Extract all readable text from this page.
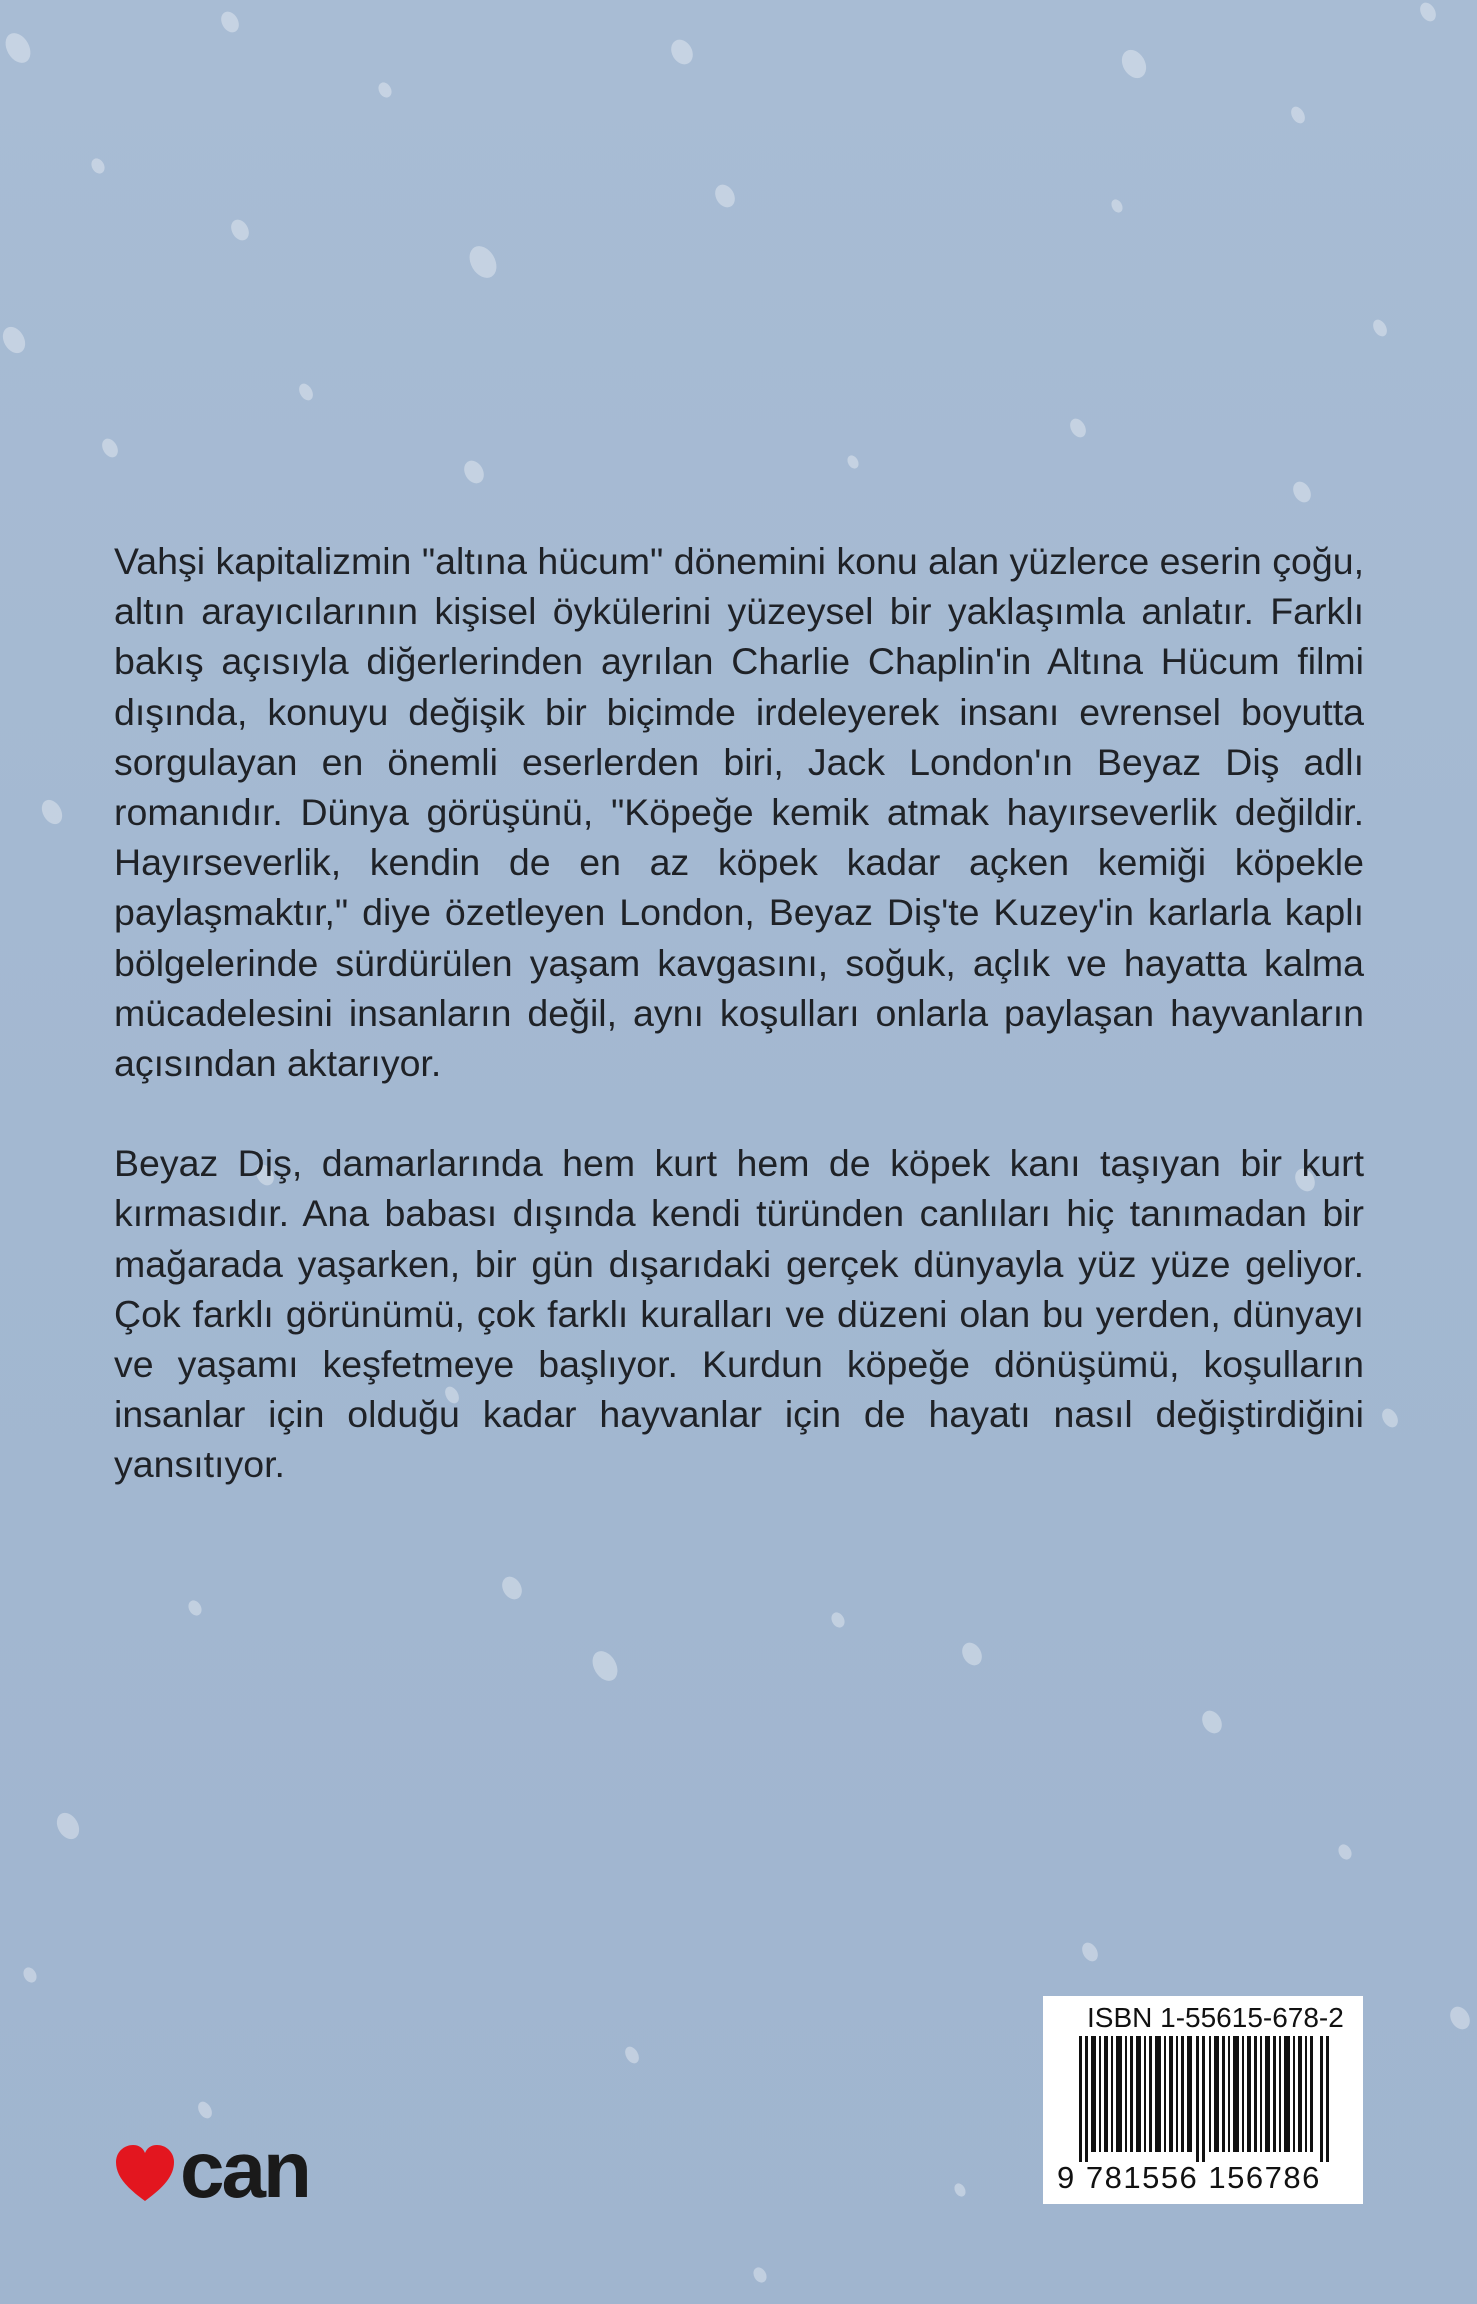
Vahşi kapitalizmin "altına hücum" dönemini konu alan yüzlerce eserin çoğu, altın arayıcılarının kişisel öykülerini yüzeysel bir yaklaşımla anlatır. Farklı bakış açısıyla diğerlerinden ayrılan Charlie Chaplin'in Altına Hücum filmi dışında, konuyu değişik bir biçimde irdeleyerek insanı evrensel boyutta sorgulayan en önemli eserlerden biri, Jack London'ın Beyaz Diş adlı romanıdır. Dünya görüşünü, "Köpeğe kemik atmak hayırseverlik değildir. Hayırseverlik, kendin de en az köpek kadar açken kemiği köpekle paylaşmaktır," diye özetleyen London, Beyaz Diş'te Kuzey'in karlarla kaplı bölgelerinde sürdürülen yaşam kavgasını, soğuk, açlık ve hayatta kalma mücadelesini insanların değil, aynı koşulları onlarla paylaşan hayvanların açısından aktarıyor.

Beyaz Diş, damarlarında hem kurt hem de köpek kanı taşıyan bir kurt kırmasıdır. Ana babası dışında kendi türünden canlıları hiç tanımadan bir mağarada yaşarken, bir gün dışarıdaki gerçek dünyayla yüz yüze geliyor. Çok farklı görünümü, çok farklı kuralları ve düzeni olan bu yerden, dünyayı ve yaşamı keşfetmeye başlıyor. Kurdun köpeğe dönüşümü, koşulların insanlar için olduğu kadar hayvanlar için de hayatı nasıl değiştirdiğini yansıtıyor.

can
ISBN 1-55615-678-2
9 781556 156786
